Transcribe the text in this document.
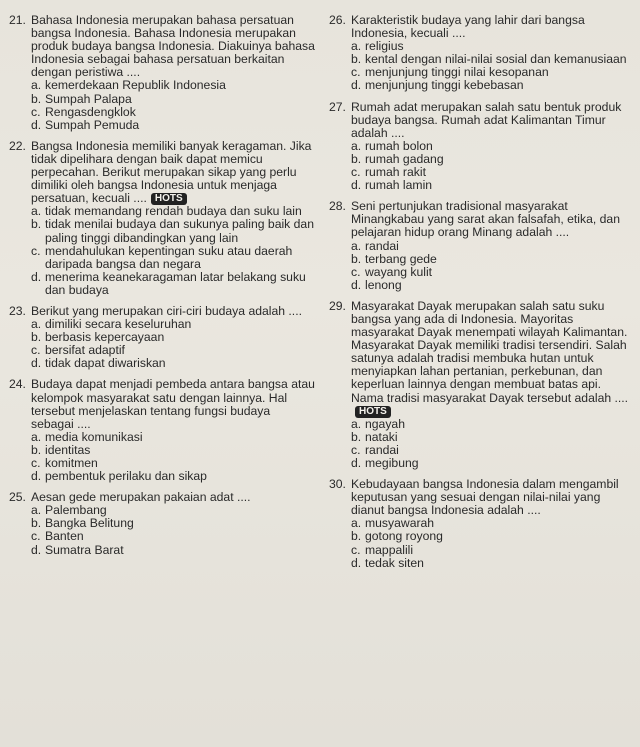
21. Bahasa Indonesia merupakan bahasa persatuan bangsa Indonesia. Bahasa Indonesia merupakan produk budaya bangsa Indonesia. Diakuinya bahasa Indonesia sebagai bahasa persatuan berkaitan dengan peristiwa ....
a. kemerdekaan Republik Indonesia
b. Sumpah Palapa
c. Rengasdengklok
d. Sumpah Pemuda
22. Bangsa Indonesia memiliki banyak keragaman. Jika tidak dipelihara dengan baik dapat memicu perpecahan. Berikut merupakan sikap yang perlu dimiliki oleh bangsa Indonesia untuk menjaga persatuan, kecuali .... HOTS
a. tidak memandang rendah budaya dan suku lain
b. tidak menilai budaya dan sukunya paling baik dan paling tinggi dibandingkan yang lain
c. mendahulukan kepentingan suku atau daerah daripada bangsa dan negara
d. menerima keanekaragaman latar belakang suku dan budaya
23. Berikut yang merupakan ciri-ciri budaya adalah ....
a. dimiliki secara keseluruhan
b. berbasis kepercayaan
c. bersifat adaptif
d. tidak dapat diwariskan
24. Budaya dapat menjadi pembeda antara bangsa atau kelompok masyarakat satu dengan lainnya. Hal tersebut menjelaskan tentang fungsi budaya sebagai ....
a. media komunikasi
b. identitas
c. komitmen
d. pembentuk perilaku dan sikap
25. Aesan gede merupakan pakaian adat ....
a. Palembang
b. Bangka Belitung
c. Banten
d. Sumatra Barat
26. Karakteristik budaya yang lahir dari bangsa Indonesia, kecuali ....
a. religius
b. kental dengan nilai-nilai sosial dan kemanusiaan
c. menjunjung tinggi nilai kesopanan
d. menjunjung tinggi kebebasan
27. Rumah adat merupakan salah satu bentuk produk budaya bangsa. Rumah adat Kalimantan Timur adalah ....
a. rumah bolon
b. rumah gadang
c. rumah rakit
d. rumah lamin
28. Seni pertunjukan tradisional masyarakat Minangkabau yang sarat akan falsafah, etika, dan pelajaran hidup orang Minang adalah ....
a. randai
b. terbang gede
c. wayang kulit
d. lenong
29. Masyarakat Dayak merupakan salah satu suku bangsa yang ada di Indonesia. Mayoritas masyarakat Dayak menempati wilayah Kalimantan. Masyarakat Dayak memiliki tradisi tersendiri. Salah satunya adalah tradisi membuka hutan untuk menyiapkan lahan pertanian, perkebunan, dan keperluan lainnya dengan membuat batas api. Nama tradisi masyarakat Dayak tersebut adalah ....HOTS
a. ngayah
b. nataki
c. randai
d. megibung
30. Kebudayaan bangsa Indonesia dalam mengambil keputusan yang sesuai dengan nilai-nilai yang dianut bangsa Indonesia adalah ....
a. musyawarah
b. gotong royong
c. mappalili
d. tedak siten
